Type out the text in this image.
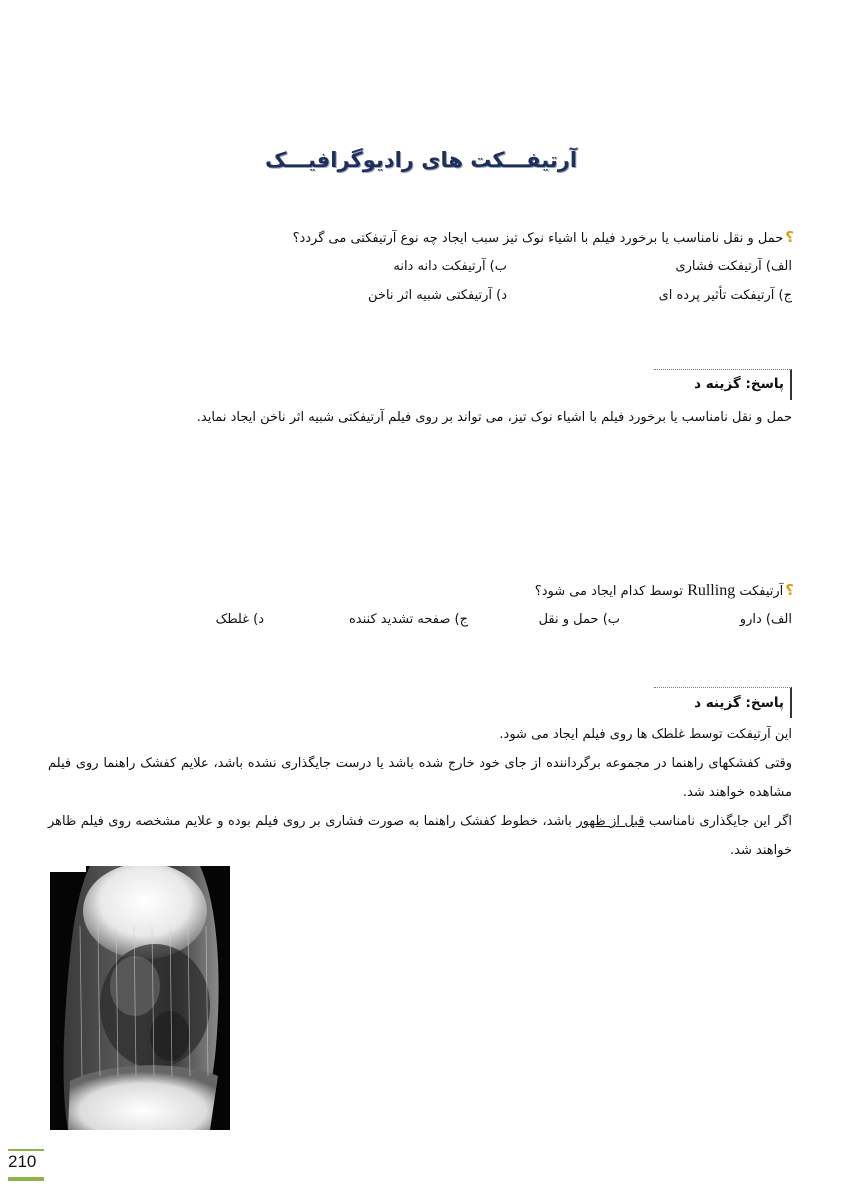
آرتیفـــکت های رادیوگرافیـــک
؟حمل و نقل نامناسب یا برخورد فیلم با اشیاء نوک تیز سبب ایجاد چه نوع آرتیفکتی می گردد؟
الف) آرتیفکت فشاری
ب) آرتیفکت دانه دانه
ج) آرتیفکت تأثیر پرده ای
د) آرتیفکتی شبیه اثر ناخن
پاسخ: گزینه د
حمل و نقل نامناسب یا برخورد فیلم با اشیاء نوک تیز، می تواند بر روی فیلم آرتیفکتی شبیه اثر ناخن ایجاد نماید.
؟آرتیفکت Rulling توسط کدام ایجاد می شود؟
الف) دارو
ب) حمل و نقل
ج) صفحه تشدید کننده
د) غلطک
پاسخ: گزینه د
این آرتیفکت توسط غلطک ها روی فیلم ایجاد می شود.
وقتی کفشکهای راهنما در مجموعه برگرداننده از جای خود خارج شده باشد یا درست جایگذاری نشده باشد، علایم کفشک راهنما روی فیلم مشاهده خواهند شد.
اگر این جایگذاری نامناسب قبل از ظهور باشد، خطوط کفشک راهنما به صورت فشاری بر روی فیلم بوده و علایم مشخصه روی فیلم ظاهر خواهند شد.
210
